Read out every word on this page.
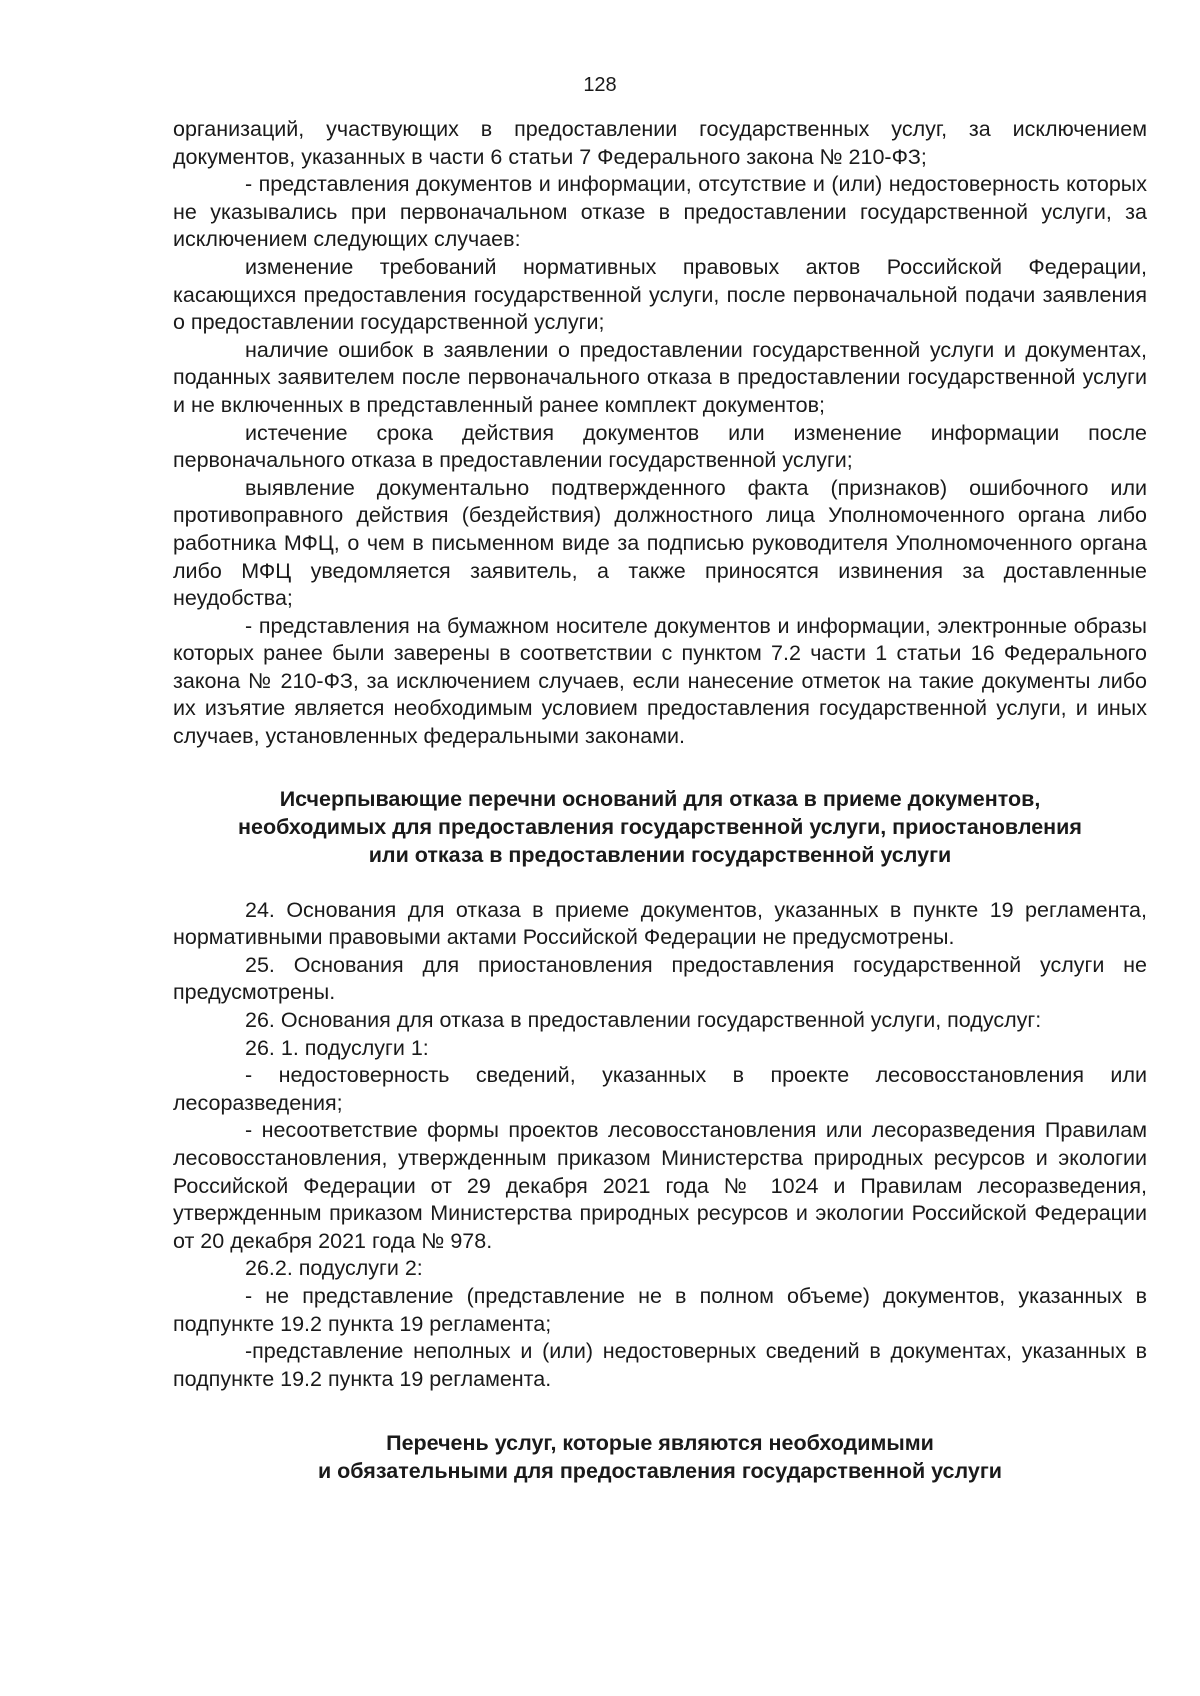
128

организаций, участвующих в предоставлении государственных услуг, за исключением документов, указанных в части 6 статьи 7 Федерального закона № 210-ФЗ;

- представления документов и информации, отсутствие и (или) недостоверность которых не указывались при первоначальном отказе в предоставлении государственной услуги, за исключением следующих случаев:

изменение требований нормативных правовых актов Российской Федерации, касающихся предоставления государственной услуги, после первоначальной подачи заявления о предоставлении государственной услуги;

наличие ошибок в заявлении о предоставлении государственной услуги и документах, поданных заявителем после первоначального отказа в предоставлении государственной услуги и не включенных в представленный ранее комплект документов;

истечение срока действия документов или изменение информации после первоначального отказа в предоставлении государственной услуги;

выявление документально подтвержденного факта (признаков) ошибочного или противоправного действия (бездействия) должностного лица Уполномоченного органа либо работника МФЦ, о чем в письменном виде за подписью руководителя Уполномоченного органа либо МФЦ уведомляется заявитель, а также приносятся извинения за доставленные неудобства;

- представления на бумажном носителе документов и информации, электронные образы которых ранее были заверены в соответствии с пунктом 7.2 части 1 статьи 16 Федерального закона № 210-ФЗ, за исключением случаев, если нанесение отметок на такие документы либо их изъятие является необходимым условием предоставления государственной услуги, и иных случаев, установленных федеральными законами.

Исчерпывающие перечни оснований для отказа в приеме документов,

необходимых для предоставления государственной услуги, приостановления

или отказа в предоставлении государственной услуги

24. Основания для отказа в приеме документов, указанных в пункте 19 регламента, нормативными правовыми актами Российской Федерации не предусмотрены.

25. Основания для приостановления предоставления государственной услуги не предусмотрены.

26. Основания для отказа в предоставлении государственной услуги, подуслуг:

26. 1. подуслуги 1:

- недостоверность сведений, указанных в проекте лесовосстановления или лесоразведения;

- несоответствие формы проектов лесовосстановления или лесоразведения Правилам лесовосстановления, утвержденным приказом Министерства природных ресурсов и экологии Российской Федерации от 29 декабря 2021 года № 1024 и Правилам лесоразведения, утвержденным приказом Министерства природных ресурсов и экологии Российской Федерации от 20 декабря 2021 года № 978.

26.2. подуслуги 2:

- не представление (представление не в полном объеме) документов, указанных в подпункте 19.2 пункта 19 регламента;

-представление неполных и (или) недостоверных сведений в документах, указанных в подпункте 19.2 пункта 19 регламента.

Перечень услуг, которые являются необходимыми

и обязательными для предоставления государственной услуги
